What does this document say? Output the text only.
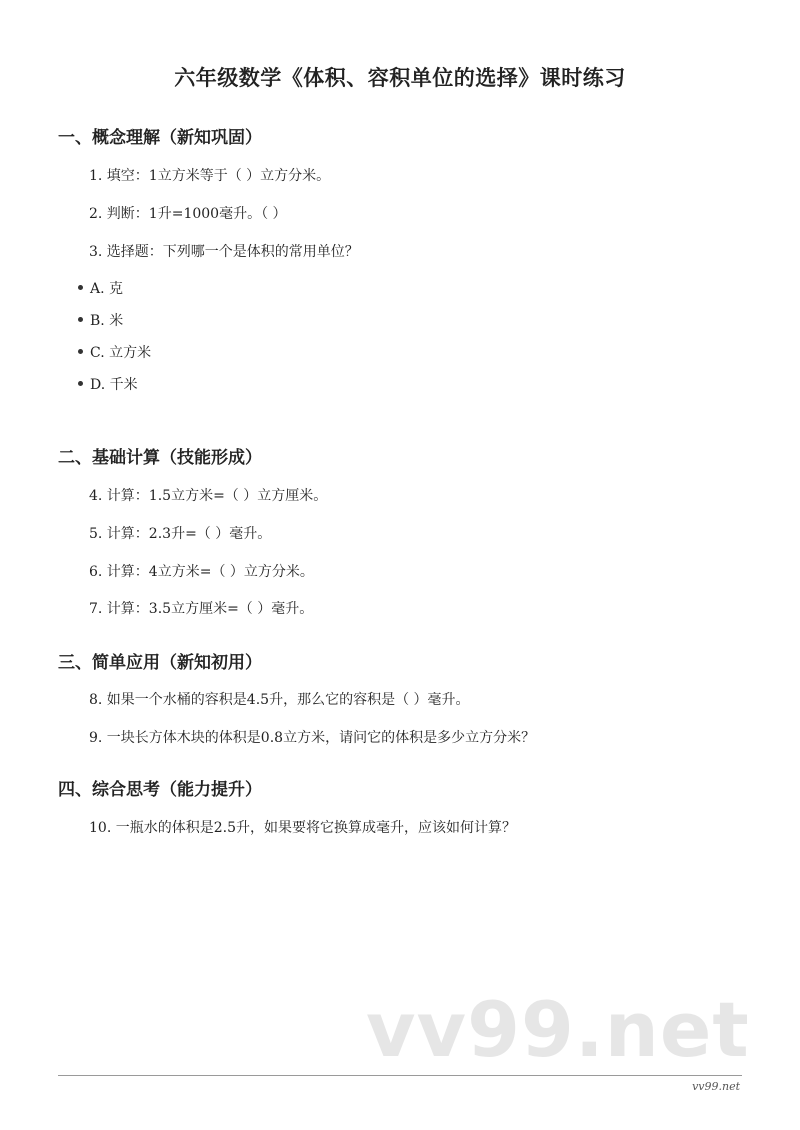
六年级数学《体积、容积单位的选择》课时练习
一、概念理解（新知巩固）
1. 填空：1立方米等于（ ）立方分米。
2. 判断：1升=1000毫升。（ ）
3. 选择题：下列哪一个是体积的常用单位？
A. 克
B. 米
C. 立方米
D. 千米
二、基础计算（技能形成）
4. 计算：1.5立方米=（ ）立方厘米。
5. 计算：2.3升=（ ）毫升。
6. 计算：4立方米=（ ）立方分米。
7. 计算：3.5立方厘米=（ ）毫升。
三、简单应用（新知初用）
8. 如果一个水桶的容积是4.5升，那么它的容积是（ ）毫升。
9. 一块长方体木块的体积是0.8立方米，请问它的体积是多少立方分米？
四、综合思考（能力提升）
10. 一瓶水的体积是2.5升，如果要将它换算成毫升，应该如何计算？
vv99.net
vv99.net
